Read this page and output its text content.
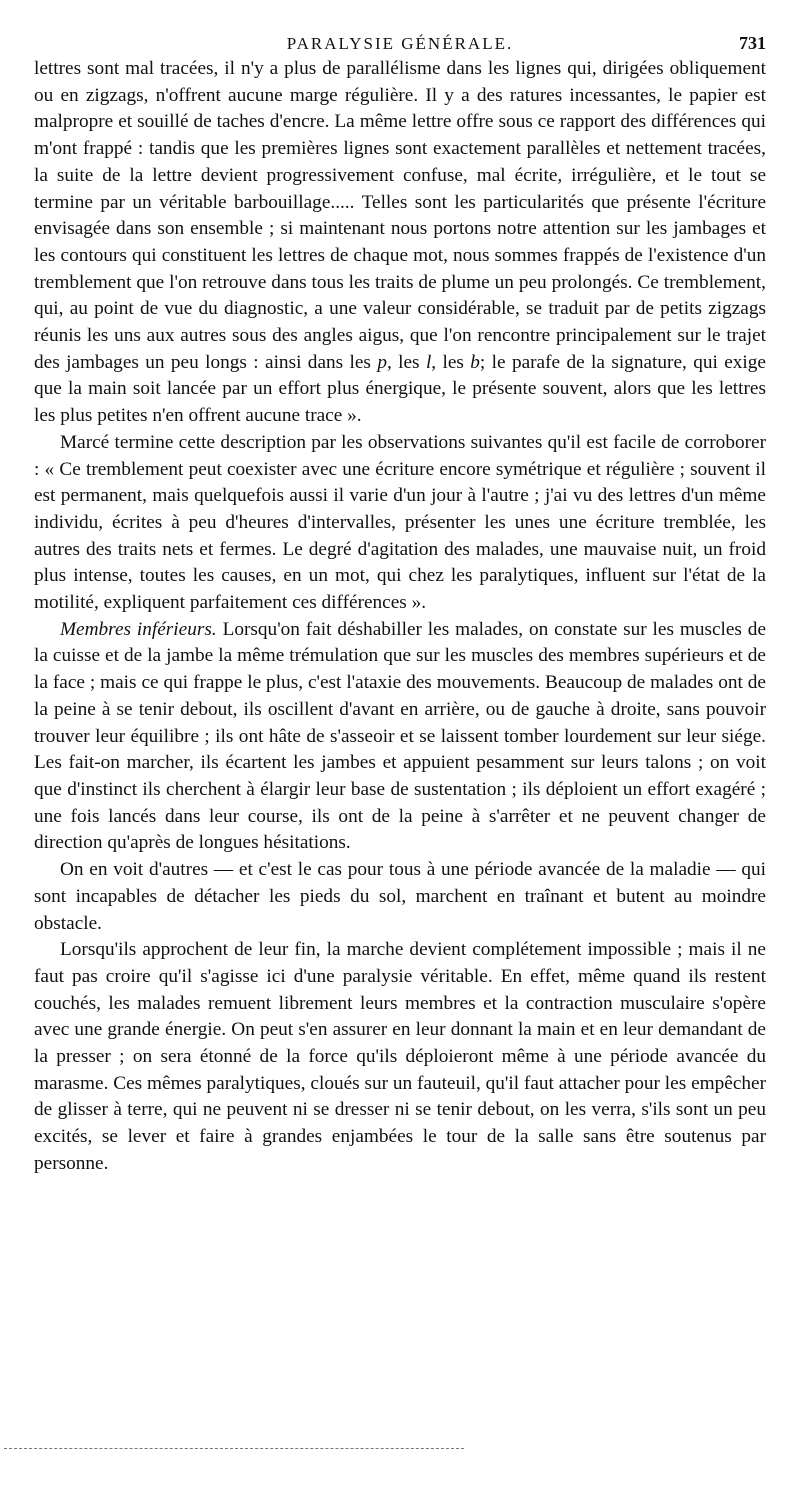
PARALYSIE GÉNÉRALE.	731

lettres sont mal tracées, il n'y a plus de parallélisme dans les lignes qui, dirigées obliquement ou en zigzags, n'offrent aucune marge régulière. Il y a des ratures incessantes, le papier est malpropre et souillé de taches d'encre. La même lettre offre sous ce rapport des différences qui m'ont frappé : tandis que les premières lignes sont exactement parallèles et nettement tracées, la suite de la lettre devient progressivement confuse, mal écrite, irrégulière, et le tout se termine par un véritable barbouillage..... Telles sont les particularités que présente l'écriture envisagée dans son ensemble ; si maintenant nous portons notre attention sur les jambages et les contours qui constituent les lettres de chaque mot, nous sommes frappés de l'existence d'un tremblement que l'on retrouve dans tous les traits de plume un peu prolongés. Ce tremblement, qui, au point de vue du diagnostic, a une valeur considérable, se traduit par de petits zigzags réunis les uns aux autres sous des angles aigus, que l'on rencontre principalement sur le trajet des jambages un peu longs : ainsi dans les p, les l, les b; le parafe de la signature, qui exige que la main soit lancée par un effort plus énergique, le présente souvent, alors que les lettres les plus petites n'en offrent aucune trace ».

Marcé termine cette description par les observations suivantes qu'il est facile de corroborer : « Ce tremblement peut coexister avec une écriture encore symétrique et régulière ; souvent il est permanent, mais quelquefois aussi il varie d'un jour à l'autre ; j'ai vu des lettres d'un même individu, écrites à peu d'heures d'intervalles, présenter les unes une écriture tremblée, les autres des traits nets et fermes. Le degré d'agitation des malades, une mauvaise nuit, un froid plus intense, toutes les causes, en un mot, qui chez les paralytiques, influent sur l'état de la motilité, expliquent parfaitement ces différences ».

Membres inférieurs. Lorsqu'on fait déshabiller les malades, on constate sur les muscles de la cuisse et de la jambe la même trémulation que sur les muscles des membres supérieurs et de la face ; mais ce qui frappe le plus, c'est l'ataxie des mouvements. Beaucoup de malades ont de la peine à se tenir debout, ils oscillent d'avant en arrière, ou de gauche à droite, sans pouvoir trouver leur équilibre ; ils ont hâte de s'asseoir et se laissent tomber lourdement sur leur siége. Les fait-on marcher, ils écartent les jambes et appuient pesamment sur leurs talons ; on voit que d'instinct ils cherchent à élargir leur base de sustentation ; ils déploient un effort exagéré ; une fois lancés dans leur course, ils ont de la peine à s'arrêter et ne peuvent changer de direction qu'après de longues hésitations.

On en voit d'autres — et c'est le cas pour tous à une période avancée de la maladie — qui sont incapables de détacher les pieds du sol, marchent en traînant et butent au moindre obstacle.

Lorsqu'ils approchent de leur fin, la marche devient complétement impossible ; mais il ne faut pas croire qu'il s'agisse ici d'une paralysie véritable. En effet, même quand ils restent couchés, les malades remuent librement leurs membres et la contraction musculaire s'opère avec une grande énergie. On peut s'en assurer en leur donnant la main et en leur demandant de la presser ; on sera étonné de la force qu'ils déploieront même à une période avancée du marasme. Ces mêmes paralytiques, cloués sur un fauteuil, qu'il faut attacher pour les empêcher de glisser à terre, qui ne peuvent ni se dresser ni se tenir debout, on les verra, s'ils sont un peu excités, se lever et faire à grandes enjambées le tour de la salle sans être soutenus par personne.
